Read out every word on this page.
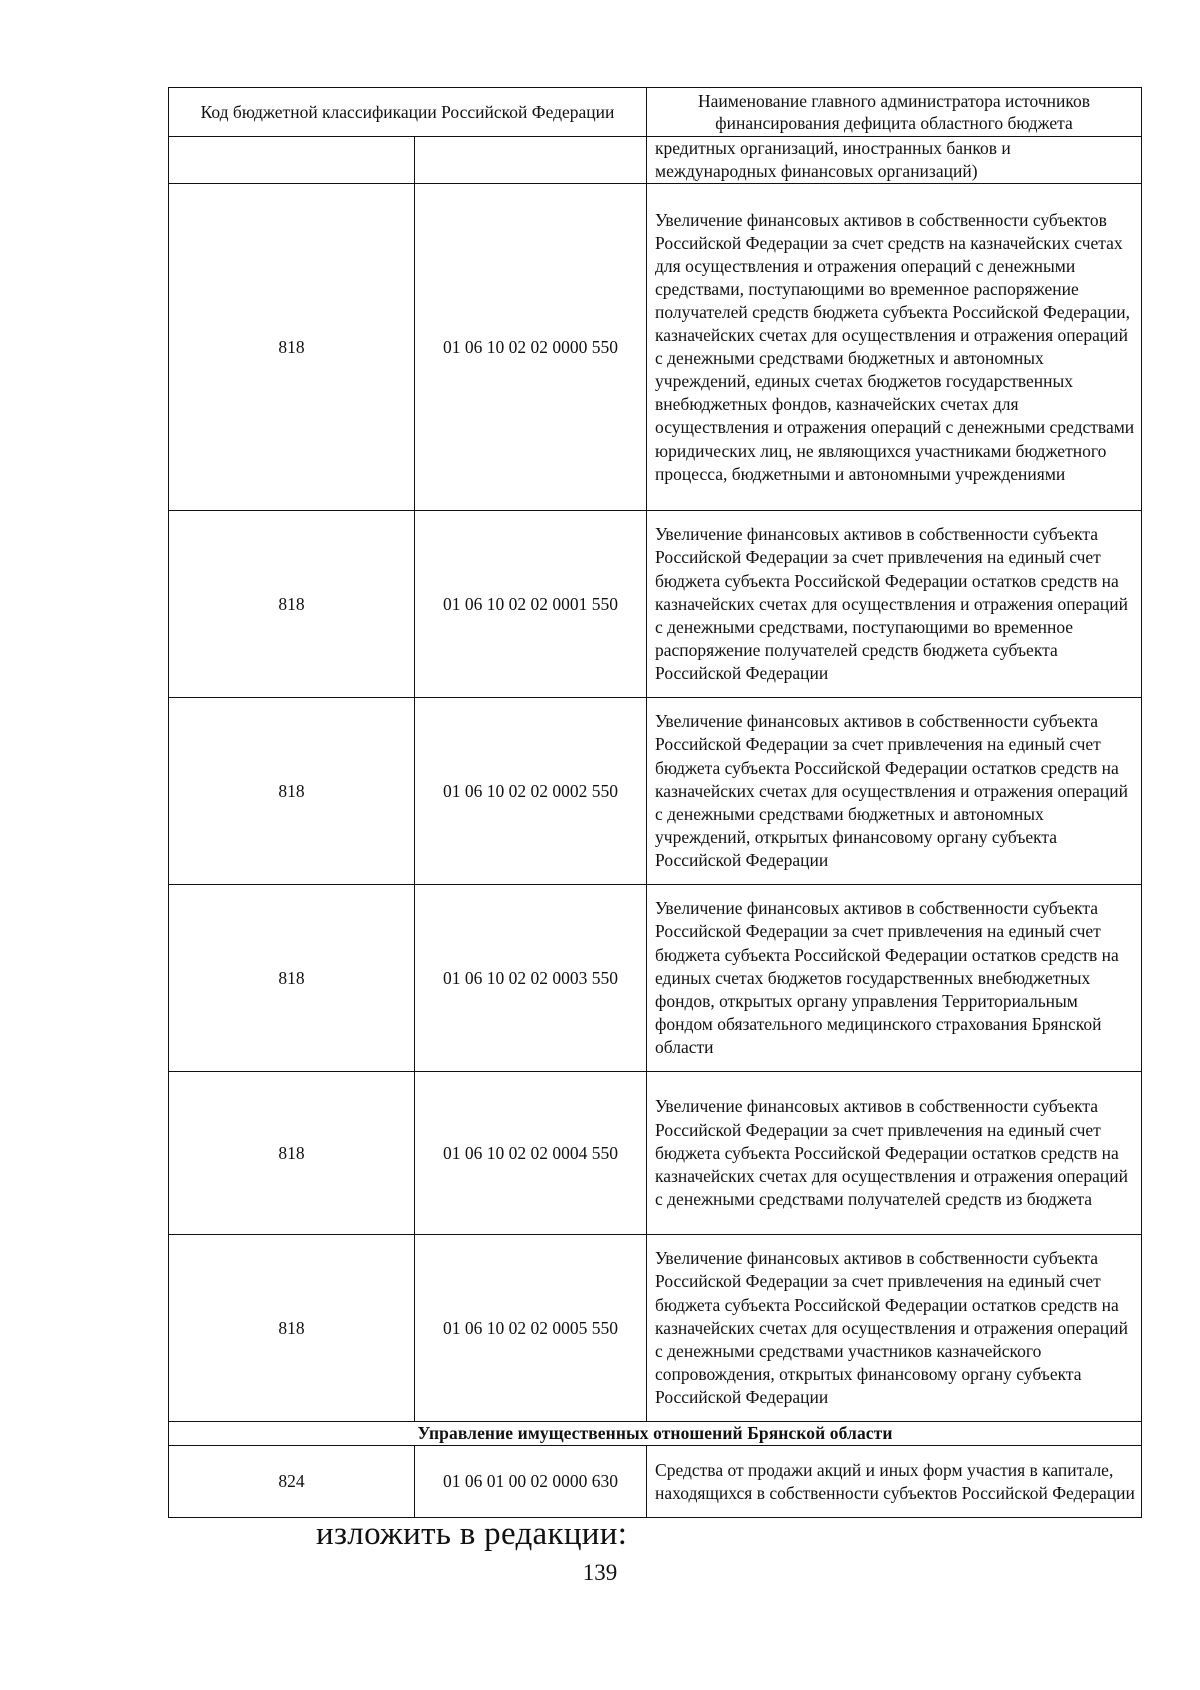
Код бюджетной классификации Российской Федерации		Наименование главного администратора источников финансирования дефицита областного бюджета
		кредитных организаций, иностранных банков и международных финансовых организаций)
818	01 06 10 02 02 0000 550	Увеличение финансовых активов в собственности субъектов Российской Федерации за счет средств на казначейских счетах для осуществления и отражения операций с денежными средствами, поступающими во временное распоряжение получателей средств бюджета субъекта Российской Федерации, казначейских счетах для осуществления и отражения операций с денежными средствами бюджетных и автономных учреждений, единых счетах бюджетов государственных внебюджетных фондов, казначейских счетах для осуществления и отражения операций с денежными средствами юридических лиц, не являющихся участниками бюджетного процесса, бюджетными и автономными учреждениями
818	01 06 10 02 02 0001 550	Увеличение финансовых активов в собственности субъекта Российской Федерации за счет привлечения на единый счет бюджета субъекта Российской Федерации остатков средств на казначейских счетах для осуществления и отражения операций с денежными средствами, поступающими во временное распоряжение получателей средств бюджета субъекта Российской Федерации
818	01 06 10 02 02 0002 550	Увеличение финансовых активов в собственности субъекта Российской Федерации за счет привлечения на единый счет бюджета субъекта Российской Федерации остатков средств на казначейских счетах для осуществления и отражения операций с денежными средствами бюджетных и автономных учреждений, открытых финансовому органу субъекта Российской Федерации
818	01 06 10 02 02 0003 550	Увеличение финансовых активов в собственности субъекта Российской Федерации за счет привлечения на единый счет бюджета субъекта Российской Федерации остатков средств на единых счетах бюджетов государственных внебюджетных фондов, открытых органу управления Территориальным фондом обязательного медицинского страхования Брянской области
818	01 06 10 02 02 0004 550	Увеличение финансовых активов в собственности субъекта Российской Федерации за счет привлечения на единый счет бюджета субъекта Российской Федерации остатков средств на казначейских счетах для осуществления и отражения операций с денежными средствами получателей средств из бюджета
818	01 06 10 02 02 0005 550	Увеличение финансовых активов в собственности субъекта Российской Федерации за счет привлечения на единый счет бюджета субъекта Российской Федерации остатков средств на казначейских счетах для осуществления и отражения операций с денежными средствами участников казначейского сопровождения, открытых финансовому органу субъекта Российской Федерации
Управление имущественных отношений Брянской области		
824	01 06 01 00 02 0000 630	Средства от продажи акций и иных форм участия в капитале, находящихся в собственности субъектов Российской Федерации
изложить в редакции:
139
